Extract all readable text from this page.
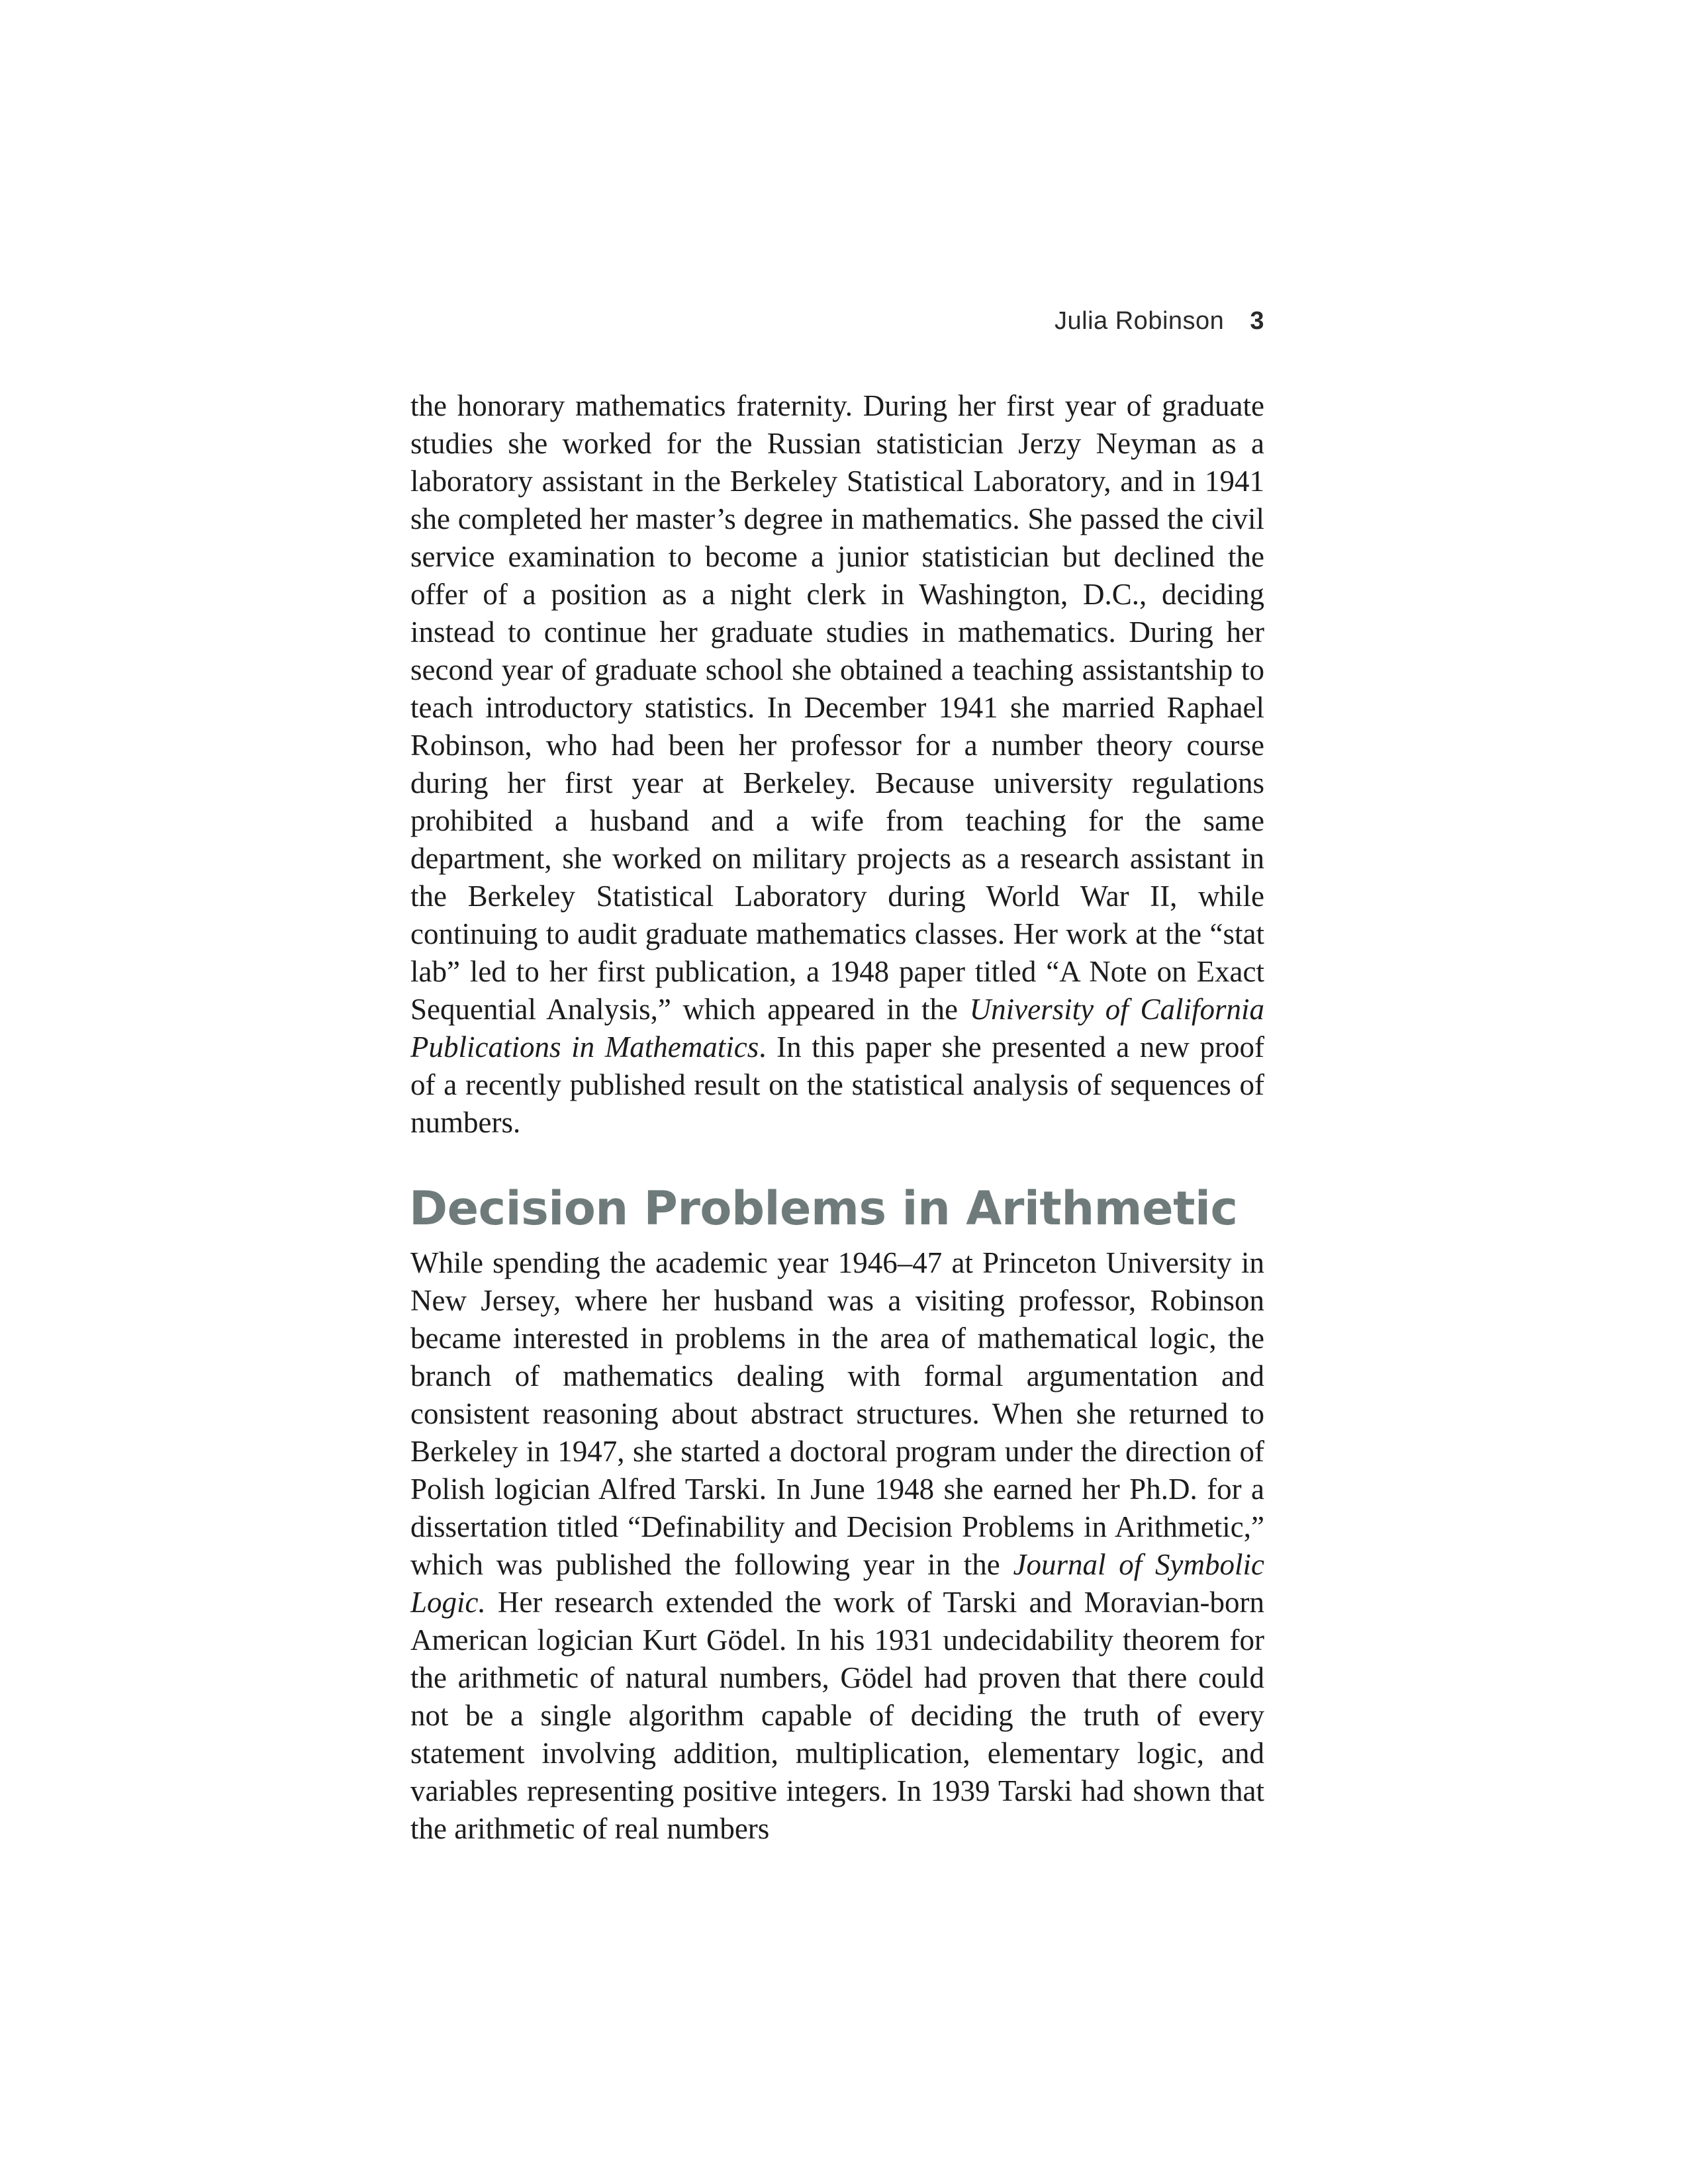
Julia Robinson 3

the honorary mathematics fraternity. During her first year of graduate studies she worked for the Russian statistician Jerzy Neyman as a laboratory assistant in the Berkeley Statistical Laboratory, and in 1941 she completed her master’s degree in mathematics. She passed the civil service examination to become a junior statistician but declined the offer of a position as a night clerk in Washington, D.C., deciding instead to continue her graduate studies in mathematics. During her second year of graduate school she obtained a teaching assistantship to teach introductory statistics. In December 1941 she married Raphael Robinson, who had been her professor for a number theory course during her first year at Berkeley. Because university regulations prohibited a husband and a wife from teaching for the same department, she worked on military projects as a research assistant in the Berkeley Statistical Laboratory during World War II, while continuing to audit graduate mathematics classes. Her work at the “stat lab” led to her first publication, a 1948 paper titled “A Note on Exact Sequential Analysis,” which appeared in the University of California Publications in Mathematics. In this paper she presented a new proof of a recently published result on the statistical analysis of sequences of numbers.

Decision Problems in Arithmetic

While spending the academic year 1946–47 at Princeton University in New Jersey, where her husband was a visiting professor, Robinson became interested in problems in the area of mathematical logic, the branch of mathematics dealing with formal argumentation and consistent reasoning about abstract structures. When she returned to Berkeley in 1947, she started a doctoral program under the direction of Polish logician Alfred Tarski. In June 1948 she earned her Ph.D. for a dissertation titled “Definability and Decision Problems in Arithmetic,” which was published the following year in the Journal of Symbolic Logic. Her research extended the work of Tarski and Moravian-born American logician Kurt Gödel. In his 1931 undecidability theorem for the arithmetic of natural numbers, Gödel had proven that there could not be a single algorithm capable of deciding the truth of every statement involving addition, multiplication, elementary logic, and variables representing positive integers. In 1939 Tarski had shown that the arithmetic of real numbers
